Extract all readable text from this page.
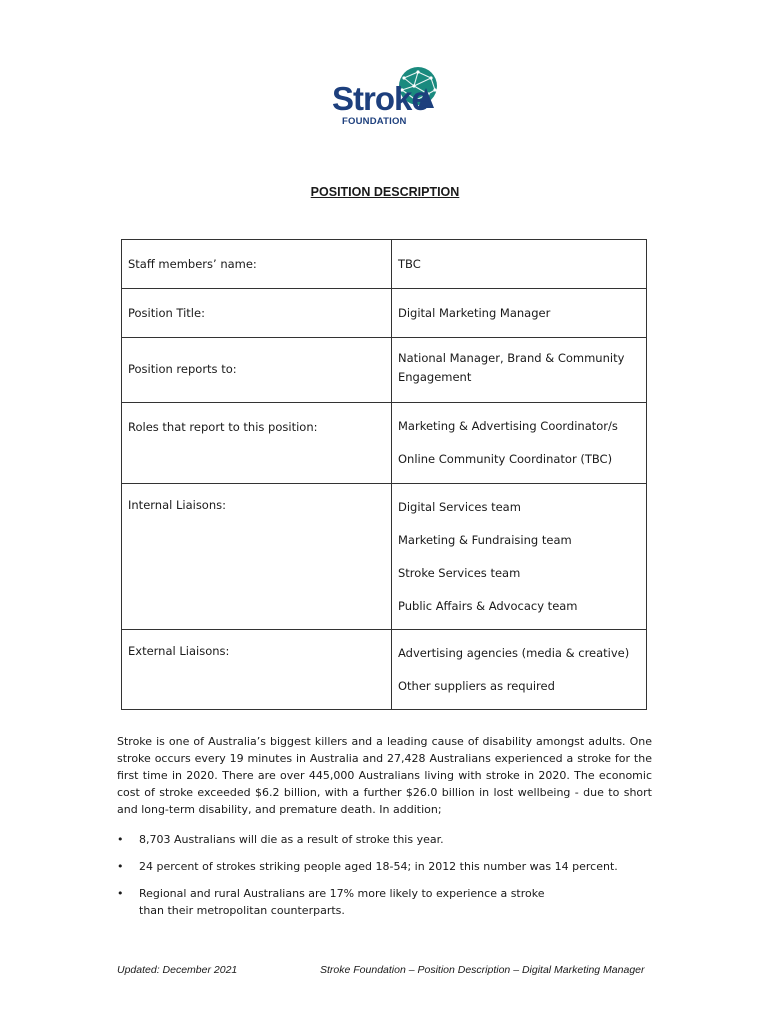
Stroke
FOUNDATION
POSITION DESCRIPTION
Staff members’ name:	TBC
Position Title:	Digital Marketing Manager
Position reports to:	National Manager, Brand & Community
Engagement

Roles that report to this position:	Marketing & Advertising Coordinator/s
Online Community Coordinator (TBC)

Internal Liaisons:	Digital Services team
Marketing & Fundraising team
Stroke Services team
Public Affairs & Advocacy team

External Liaisons:	Advertising agencies (media & creative)
Other suppliers as required
Stroke is one of Australia’s biggest killers and a leading cause of disability amongst adults. One stroke occurs every 19 minutes in Australia and 27,428 Australians experienced a stroke for the first time in 2020. There are over 445,000 Australians living with stroke in 2020. The economic cost of stroke exceeded $6.2 billion, with a further $26.0 billion in lost wellbeing - due to short and long-term disability, and premature death. In addition;
• 8,703 Australians will die as a result of stroke this year.
• 24 percent of strokes striking people aged 18-54; in 2012 this number was 14 percent.
• Regional and rural Australians are 17% more likely to experience a stroke than their metropolitan counterparts.
Updated: December 2021	Stroke Foundation – Position Description – Digital Marketing Manager
